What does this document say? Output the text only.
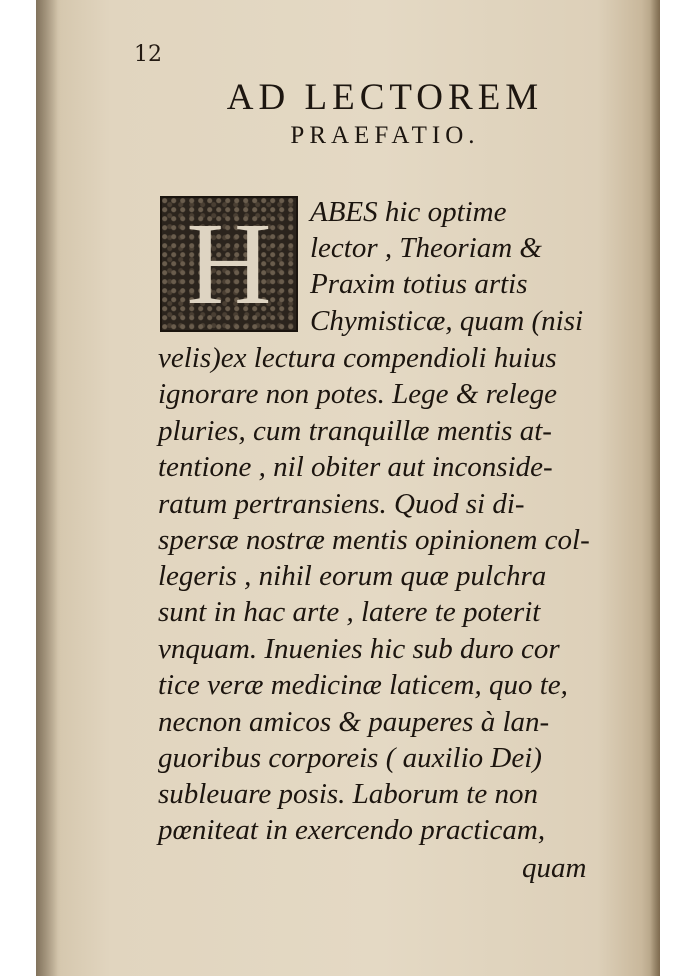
12
AD LECTOREM
PRAEFATIO.
H	ABES hic optime
lector , Theoriam &
Praxim totius artis
Chymisticæ, quam (nisi
velis)ex lectura compendioli huius
ignorare non potes. Lege & relege
pluries, cum tranquillæ mentis at-
tentione , nil obiter aut inconside-
ratum pertransiens. Quod si di-
spersæ nostræ mentis opinionem col-
legeris , nihil eorum quæ pulchra
sunt in hac arte , latere te poterit
vnquam. Inuenies hic sub duro cor
tice veræ medicinæ laticem, quo te,
necnon amicos & pauperes à lan-
guoribus corporeis ( auxilio Dei)
subleuare posis. Laborum te non
pœniteat in exercendo practicam,
quam
